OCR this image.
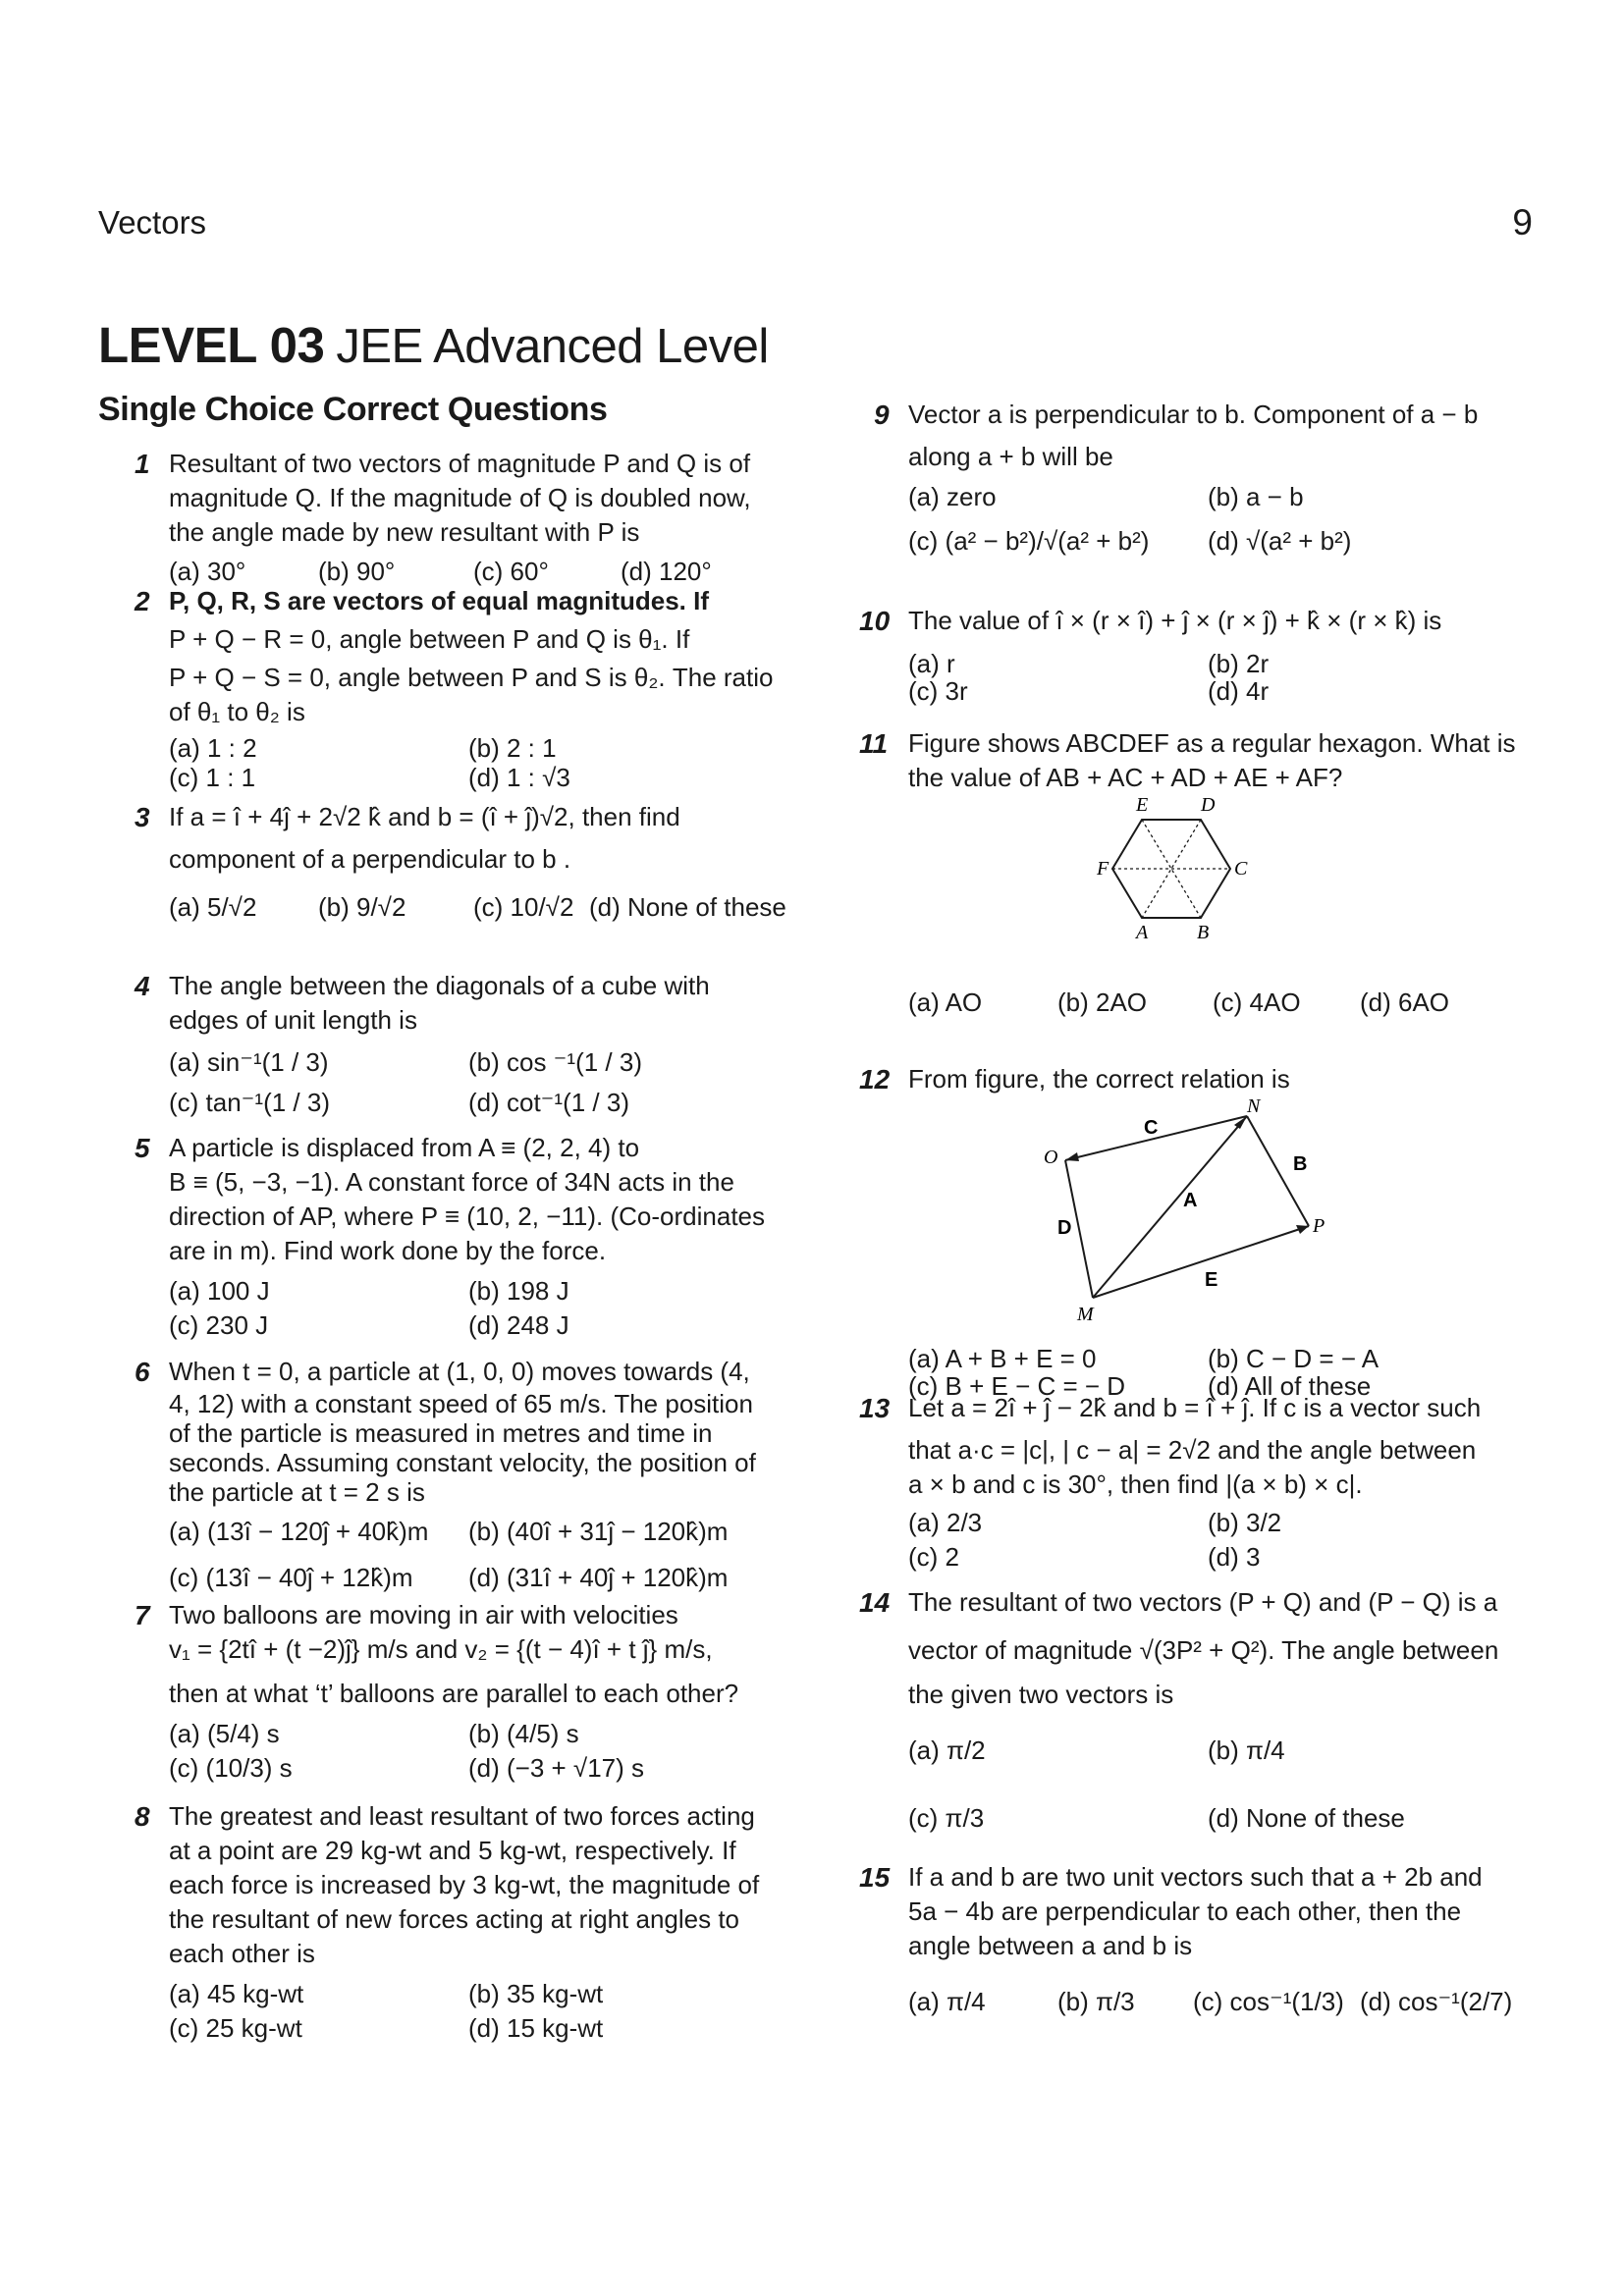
Vectors	9
LEVEL 03 JEE Advanced Level
Single Choice Correct Questions
1 Resultant of two vectors of magnitude P and Q is of
magnitude Q. If the magnitude of Q is doubled now,
the angle made by new resultant with P is
(a) 30°	(b) 90°	(c) 60°	(d) 120°
2 P, Q, R, S are vectors of equal magnitudes. If
P + Q − R = 0, angle between P and Q is θ₁. If
P + Q − S = 0, angle between P and S is θ₂. The ratio
of θ₁ to θ₂ is
(a) 1 : 2	(b) 2 : 1
(c) 1 : 1	(d) 1 : √3
3 If a = î + 4ĵ + 2√2 k̂ and b = (î + ĵ)√2, then find
component of a perpendicular to b .
(a) 5/√2	(b) 9/√2	(c) 10/√2 (d) None of these
4 The angle between the diagonals of a cube with
edges of unit length is
(a) sin⁻¹(1 / 3)	(b) cos ⁻¹(1 / 3)
(c) tan⁻¹(1 / 3)	(d) cot⁻¹(1 / 3)
5 A particle is displaced from A ≡ (2, 2, 4) to
B ≡ (5, −3, −1). A constant force of 34N acts in the
direction of AP, where P ≡ (10, 2, −11). (Co-ordinates
are in m). Find work done by the force.
(a) 100 J	(b) 198 J
(c) 230 J	(d) 248 J
6 When t = 0, a particle at (1, 0, 0) moves towards (4,
4, 12) with a constant speed of 65 m/s. The position
of the particle is measured in metres and time in
seconds. Assuming constant velocity, the position of
the particle at t = 2 s is
(a) (13î − 120ĵ + 40k̂)m	(b) (40î + 31ĵ − 120k̂)m
(c) (13î − 40ĵ + 12k̂)m	(d) (31î + 40ĵ + 120k̂)m
7 Two balloons are moving in air with velocities
v₁ = {2tî + (t −2)ĵ} m/s and v₂ = {(t − 4)î + t ĵ} m/s,
then at what ‘t’ balloons are parallel to each other?
(a) (5/4) s	(b) (4/5) s
(c) (10/3) s	(d) (−3 + √17) s
8 The greatest and least resultant of two forces acting
at a point are 29 kg-wt and 5 kg-wt, respectively. If
each force is increased by 3 kg-wt, the magnitude of
the resultant of new forces acting at right angles to
each other is
(a) 45 kg-wt	(b) 35 kg-wt
(c) 25 kg-wt	(d) 15 kg-wt
9 Vector a is perpendicular to b. Component of a − b
along a + b will be
(a) zero	(b) a − b
(c) (a² − b²)/√(a² + b²)	(d) √(a² + b²)
10 The value of î × (r × î) + ĵ × (r × ĵ) + k̂ × (r × k̂) is
(a) r	(b) 2r
(c) 3r	(d) 4r
11 Figure shows ABCDEF as a regular hexagon. What is
the value of AB + AC + AD + AE + AF?
E	D
F	C
A B
(a) AO	(b) 2AO	(c) 4AO	(d) 6AO
12 From figure, the correct relation is
N
O
P
M
C
B
A
D
E
(a) A + B + E = 0	(b) C − D = − A
(c) B + E − C = − D	(d) All of these
13 Let a = 2î + ĵ − 2k̂ and b = î + ĵ. If c is a vector such
that a·c = |c|, | c − a| = 2√2 and the angle between
a × b and c is 30°, then find |(a × b) × c|.
(a) 2/3	(b) 3/2
(c) 2	(d) 3
14 The resultant of two vectors (P + Q) and (P − Q) is a
vector of magnitude √(3P² + Q²). The angle between
the given two vectors is
(a) π/2	(b) π/4
(c) π/3	(d) None of these
15 If a and b are two unit vectors such that a + 2b and
5a − 4b are perpendicular to each other, then the
angle between a and b is
(a) π/4	(b) π/3	(c) cos⁻¹(1/3) (d) cos⁻¹(2/7)
